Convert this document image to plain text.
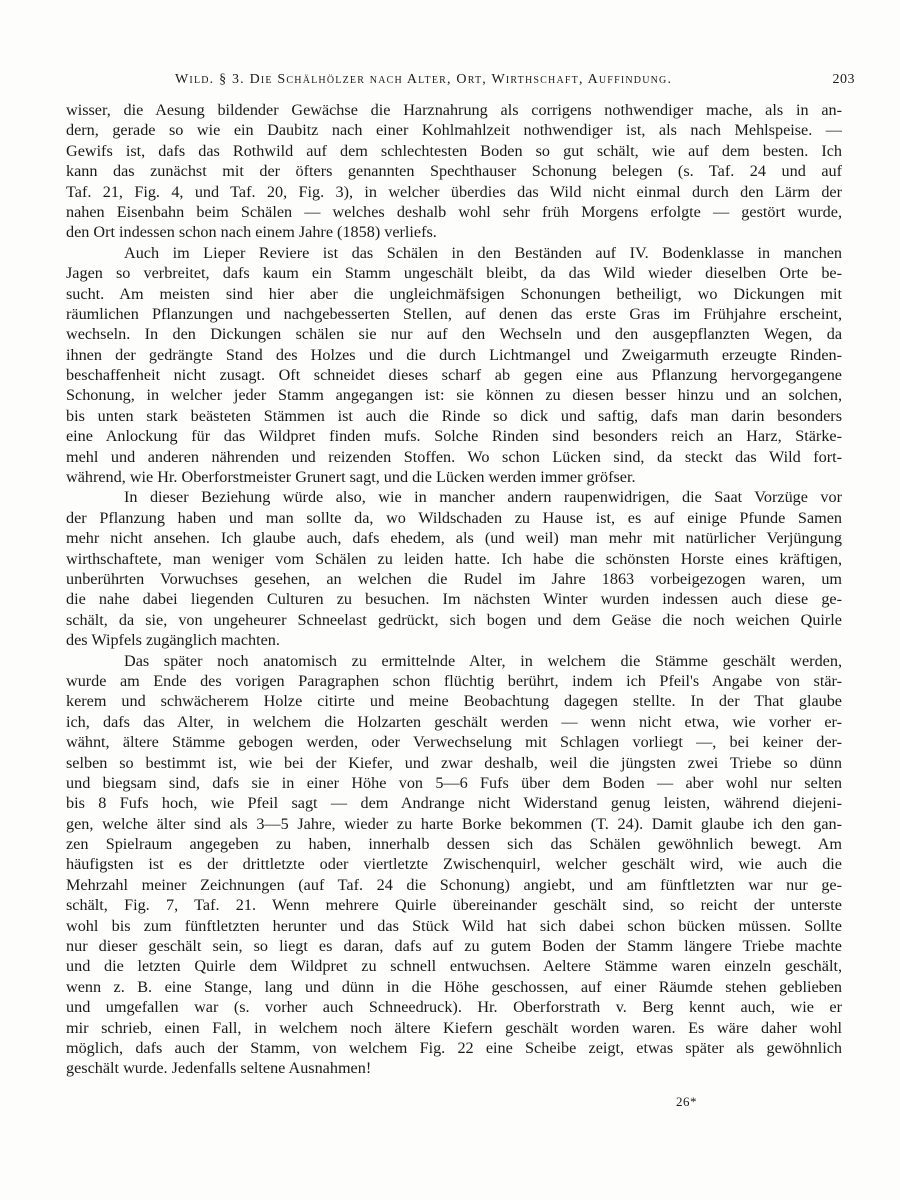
Wild. § 3. Die Schälhölzer nach Alter, Ort, Wirthschaft, Auffindung.	203
wisser, die Aesung bildender Gewächse die Harznahrung als corrigens nothwendiger mache, als in an-
dern, gerade so wie ein Daubitz nach einer Kohlmahlzeit nothwendiger ist, als nach Mehlspeise. —
Gewifs ist, dafs das Rothwild auf dem schlechtesten Boden so gut schält, wie auf dem besten. Ich
kann das zunächst mit der öfters genannten Spechthauser Schonung belegen (s. Taf. 24 und auf
Taf. 21, Fig. 4, und Taf. 20, Fig. 3), in welcher überdies das Wild nicht einmal durch den Lärm der
nahen Eisenbahn beim Schälen — welches deshalb wohl sehr früh Morgens erfolgte — gestört wurde,
den Ort indessen schon nach einem Jahre (1858) verliefs.
Auch im Lieper Reviere ist das Schälen in den Beständen auf IV. Bodenklasse in manchen
Jagen so verbreitet, dafs kaum ein Stamm ungeschält bleibt, da das Wild wieder dieselben Orte be-
sucht. Am meisten sind hier aber die ungleichmäfsigen Schonungen betheiligt, wo Dickungen mit
räumlichen Pflanzungen und nachgebesserten Stellen, auf denen das erste Gras im Frühjahre erscheint,
wechseln. In den Dickungen schälen sie nur auf den Wechseln und den ausgepflanzten Wegen, da
ihnen der gedrängte Stand des Holzes und die durch Lichtmangel und Zweigarmuth erzeugte Rinden-
beschaffenheit nicht zusagt. Oft schneidet dieses scharf ab gegen eine aus Pflanzung hervorgegangene
Schonung, in welcher jeder Stamm angegangen ist: sie können zu diesen besser hinzu und an solchen,
bis unten stark beästeten Stämmen ist auch die Rinde so dick und saftig, dafs man darin besonders
eine Anlockung für das Wildpret finden mufs. Solche Rinden sind besonders reich an Harz, Stärke-
mehl und anderen nährenden und reizenden Stoffen. Wo schon Lücken sind, da steckt das Wild fort-
während, wie Hr. Oberforstmeister Grunert sagt, und die Lücken werden immer gröfser.
In dieser Beziehung würde also, wie in mancher andern raupenwidrigen, die Saat Vorzüge vor
der Pflanzung haben und man sollte da, wo Wildschaden zu Hause ist, es auf einige Pfunde Samen
mehr nicht ansehen. Ich glaube auch, dafs ehedem, als (und weil) man mehr mit natürlicher Verjüngung
wirthschaftete, man weniger vom Schälen zu leiden hatte. Ich habe die schönsten Horste eines kräftigen,
unberührten Vorwuchses gesehen, an welchen die Rudel im Jahre 1863 vorbeigezogen waren, um
die nahe dabei liegenden Culturen zu besuchen. Im nächsten Winter wurden indessen auch diese ge-
schält, da sie, von ungeheurer Schneelast gedrückt, sich bogen und dem Geäse die noch weichen Quirle
des Wipfels zugänglich machten.
Das später noch anatomisch zu ermittelnde Alter, in welchem die Stämme geschält werden,
wurde am Ende des vorigen Paragraphen schon flüchtig berührt, indem ich Pfeil's Angabe von stär-
kerem und schwächerem Holze citirte und meine Beobachtung dagegen stellte. In der That glaube
ich, dafs das Alter, in welchem die Holzarten geschält werden — wenn nicht etwa, wie vorher er-
wähnt, ältere Stämme gebogen werden, oder Verwechselung mit Schlagen vorliegt —, bei keiner der-
selben so bestimmt ist, wie bei der Kiefer, und zwar deshalb, weil die jüngsten zwei Triebe so dünn
und biegsam sind, dafs sie in einer Höhe von 5—6 Fufs über dem Boden — aber wohl nur selten
bis 8 Fufs hoch, wie Pfeil sagt — dem Andrange nicht Widerstand genug leisten, während diejeni-
gen, welche älter sind als 3—5 Jahre, wieder zu harte Borke bekommen (T. 24). Damit glaube ich den gan-
zen Spielraum angegeben zu haben, innerhalb dessen sich das Schälen gewöhnlich bewegt. Am
häufigsten ist es der drittletzte oder viertletzte Zwischenquirl, welcher geschält wird, wie auch die
Mehrzahl meiner Zeichnungen (auf Taf. 24 die Schonung) angiebt, und am fünftletzten war nur ge-
schält, Fig. 7, Taf. 21. Wenn mehrere Quirle übereinander geschält sind, so reicht der unterste
wohl bis zum fünftletzten herunter und das Stück Wild hat sich dabei schon bücken müssen. Sollte
nur dieser geschält sein, so liegt es daran, dafs auf zu gutem Boden der Stamm längere Triebe machte
und die letzten Quirle dem Wildpret zu schnell entwuchsen. Aeltere Stämme waren einzeln geschält,
wenn z. B. eine Stange, lang und dünn in die Höhe geschossen, auf einer Räumde stehen geblieben
und umgefallen war (s. vorher auch Schneedruck). Hr. Oberforstrath v. Berg kennt auch, wie er
mir schrieb, einen Fall, in welchem noch ältere Kiefern geschält worden waren. Es wäre daher wohl
möglich, dafs auch der Stamm, von welchem Fig. 22 eine Scheibe zeigt, etwas später als gewöhnlich
geschält wurde. Jedenfalls seltene Ausnahmen!
26*
